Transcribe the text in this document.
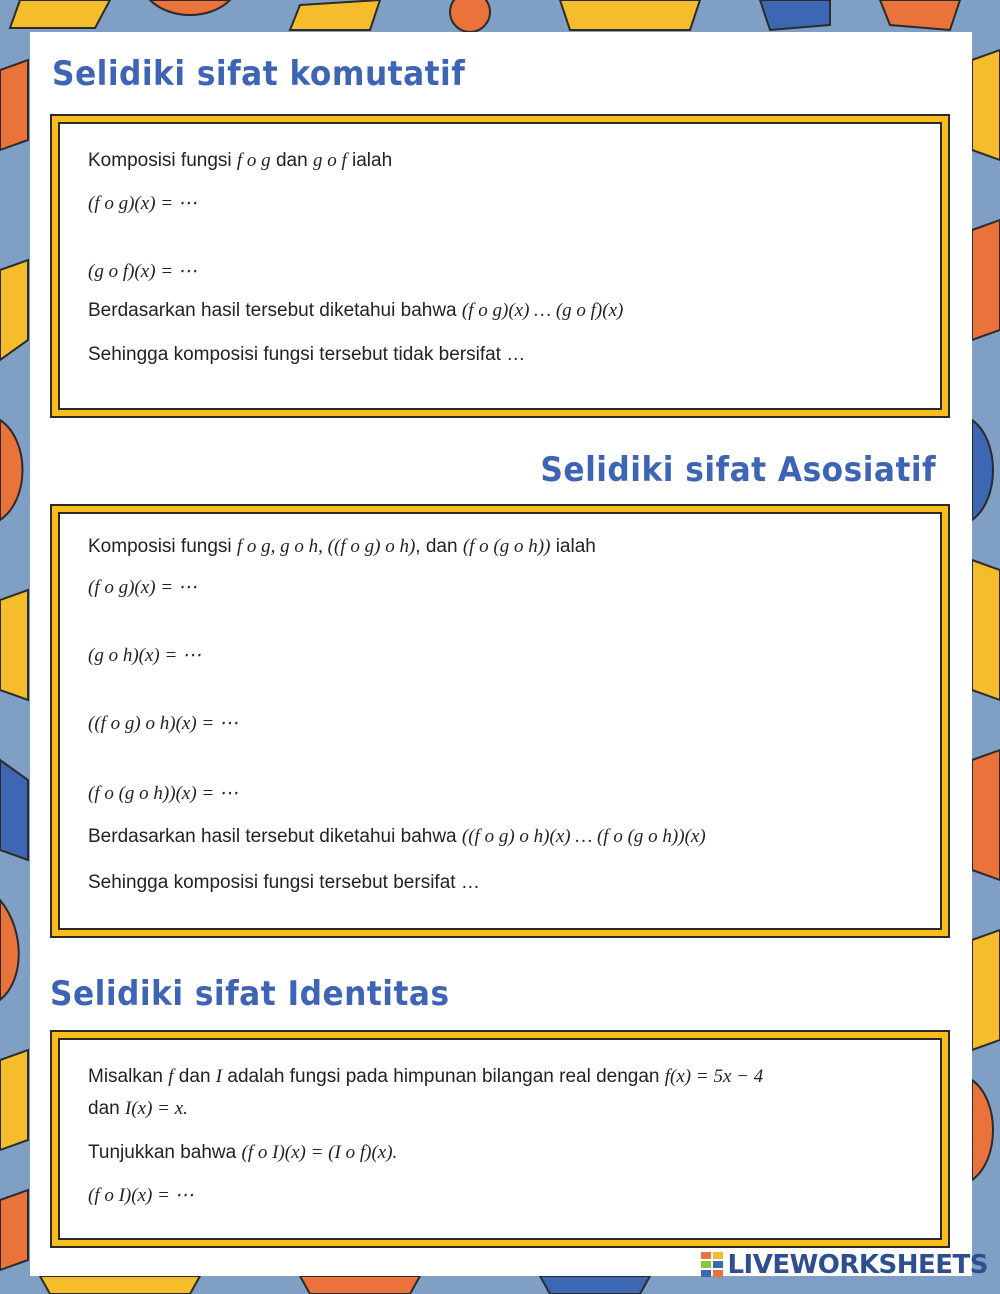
Selidiki sifat komutatif

Komposisi fungsi f o g dan g o f ialah

(f o g)(x) = ⋯

(g o f)(x) = ⋯

Berdasarkan hasil tersebut diketahui bahwa (f o g)(x) … (g o f)(x)

Sehingga komposisi fungsi tersebut tidak bersifat …

Selidiki sifat Asosiatif

Komposisi fungsi f o g, g o h, ((f o g) o h), dan (f o (g o h)) ialah

(f o g)(x) = ⋯

(g o h)(x) = ⋯

((f o g) o h)(x) = ⋯

(f o (g o h))(x) = ⋯

Berdasarkan hasil tersebut diketahui bahwa ((f o g) o h)(x) … (f o (g o h))(x)

Sehingga komposisi fungsi tersebut bersifat …

Selidiki sifat Identitas

Misalkan f dan I adalah fungsi pada himpunan bilangan real dengan f(x) = 5x − 4

dan I(x) = x.

Tunjukkan bahwa (f o I)(x) = (I o f)(x).

(f o I)(x) = ⋯

LIVEWORKSHEETS
